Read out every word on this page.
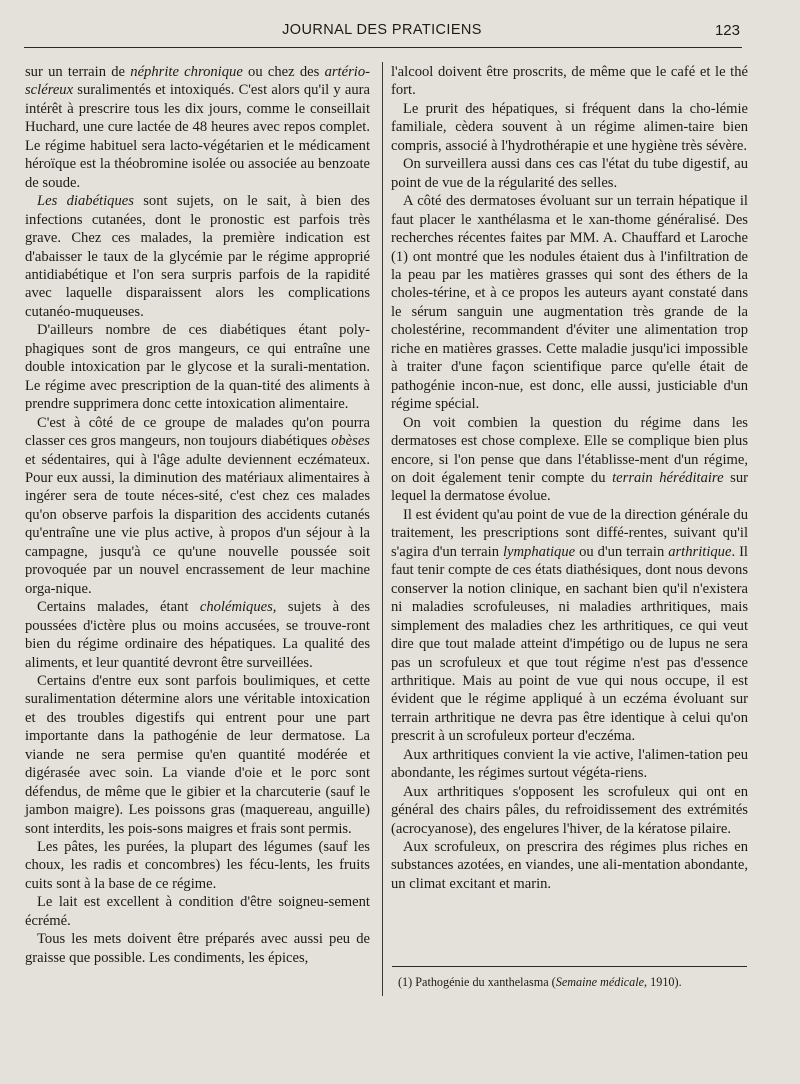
JOURNAL DES PRATICIENS	123

sur un terrain de néphrite chronique ou chez des artério-scléreux suralimentés et intoxiqués. C'est alors qu'il y aura intérêt à prescrire tous les dix jours, comme le conseillait Huchard, une cure lactée de 48 heures avec repos complet. Le régime habituel sera lacto-végétarien et le médicament héroïque est la théobromine isolée ou associée au benzoate de soude.

Les diabétiques sont sujets, on le sait, à bien des infections cutanées, dont le pronostic est parfois très grave. Chez ces malades, la première indication est d'abaisser le taux de la glycémie par le régime approprié antidiabétique et l'on sera surpris parfois de la rapidité avec laquelle disparaissent alors les complications cutanéo-muqueuses.

D'ailleurs nombre de ces diabétiques étant poly-phagiques sont de gros mangeurs, ce qui entraîne une double intoxication par le glycose et la surali-mentation. Le régime avec prescription de la quan-tité des aliments à prendre supprimera donc cette intoxication alimentaire.

C'est à côté de ce groupe de malades qu'on pourra classer ces gros mangeurs, non toujours diabétiques obèses et sédentaires, qui à l'âge adulte deviennent eczémateux. Pour eux aussi, la diminution des matériaux alimentaires à ingérer sera de toute néces-sité, c'est chez ces malades qu'on observe parfois la disparition des accidents cutanés qu'entraîne une vie plus active, à propos d'un séjour à la campagne, jusqu'à ce qu'une nouvelle poussée soit provoquée par un nouvel encrassement de leur machine orga-nique.

Certains malades, étant cholémiques, sujets à des poussées d'ictère plus ou moins accusées, se trouve-ront bien du régime ordinaire des hépatiques. La qualité des aliments, et leur quantité devront être surveillées.

Certains d'entre eux sont parfois boulimiques, et cette suralimentation détermine alors une véritable intoxication et des troubles digestifs qui entrent pour une part importante dans la pathogénie de leur dermatose. La viande ne sera permise qu'en quantité modérée et digérasée avec soin. La viande d'oie et le porc sont défendus, de même que le gibier et la charcuterie (sauf le jambon maigre). Les poissons gras (maquereau, anguille) sont interdits, les pois-sons maigres et frais sont permis.

Les pâtes, les purées, la plupart des légumes (sauf les choux, les radis et concombres) les fécu-lents, les fruits cuits sont à la base de ce régime.

Le lait est excellent à condition d'être soigneu-sement écrémé.

Tous les mets doivent être préparés avec aussi peu de graisse que possible. Les condiments, les épices,

l'alcool doivent être proscrits, de même que le café et le thé fort.

Le prurit des hépatiques, si fréquent dans la cho-lémie familiale, cèdera souvent à un régime alimen-taire bien compris, associé à l'hydrothérapie et une hygiène très sévère.

On surveillera aussi dans ces cas l'état du tube digestif, au point de vue de la régularité des selles.

A côté des dermatoses évoluant sur un terrain hépatique il faut placer le xanthélasma et le xan-thome généralisé. Des recherches récentes faites par MM. A. Chauffard et Laroche (1) ont montré que les nodules étaient dus à l'infiltration de la peau par les matières grasses qui sont des éthers de la choles-térine, et à ce propos les auteurs ayant constaté dans le sérum sanguin une augmentation très grande de la cholestérine, recommandent d'éviter une alimentation trop riche en matières grasses. Cette maladie jusqu'ici impossible à traiter d'une façon scientifique parce qu'elle était de pathogénie incon-nue, est donc, elle aussi, justiciable d'un régime spécial.

On voit combien la question du régime dans les dermatoses est chose complexe. Elle se complique bien plus encore, si l'on pense que dans l'établisse-ment d'un régime, on doit également tenir compte du terrain héréditaire sur lequel la dermatose évolue.

Il est évident qu'au point de vue de la direction générale du traitement, les prescriptions sont diffé-rentes, suivant qu'il s'agira d'un terrain lymphatique ou d'un terrain arthritique. Il faut tenir compte de ces états diathésiques, dont nous devons conserver la notion clinique, en sachant bien qu'il n'existera ni maladies scrofuleuses, ni maladies arthritiques, mais simplement des maladies chez les arthritiques, ce qui veut dire que tout malade atteint d'impétigo ou de lupus ne sera pas un scrofuleux et que tout régime n'est pas d'essence arthritique. Mais au point de vue qui nous occupe, il est évident que le régime appliqué à un eczéma évoluant sur terrain arthritique ne devra pas être identique à celui qu'on prescrit à un scrofuleux porteur d'eczéma.

Aux arthritiques convient la vie active, l'alimen-tation peu abondante, les régimes surtout végéta-riens.

Aux arthritiques s'opposent les scrofuleux qui ont en général des chairs pâles, du refroidissement des extrémités (acrocyanose), des engelures l'hiver, de la kératose pilaire.

Aux scrofuleux, on prescrira des régimes plus riches en substances azotées, en viandes, une ali-mentation abondante, un climat excitant et marin.

(1) Pathogénie du xanthelasma (Semaine médicale, 1910).
